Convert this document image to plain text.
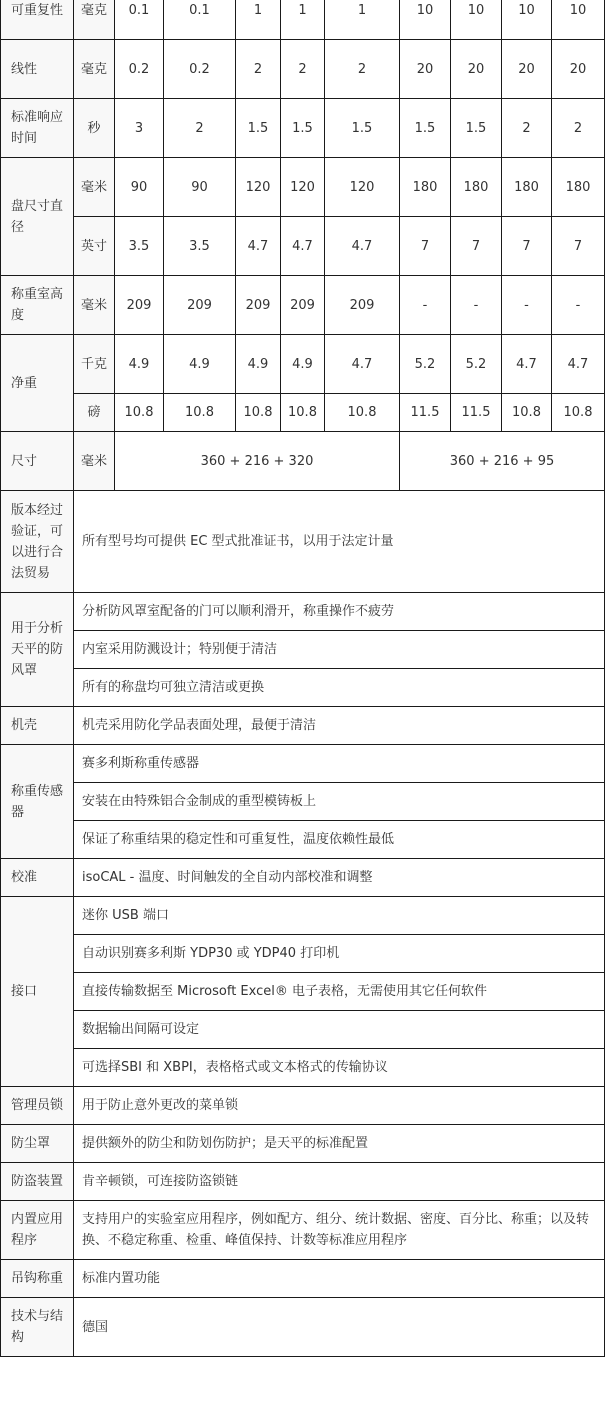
可重复性	毫克	0.1	0.1	1	1	1	10	10	10	10
线性	毫克	0.2	0.2	2	2	2	20	20	20	20
标准响应时间	秒	3	2	1.5	1.5	1.5	1.5	1.5	2	2
盘尺寸直径	毫米	90	90	120	120	120	180	180	180	180
	英寸	3.5	3.5	4.7	4.7	4.7	7	7	7	7
称重室高度	毫米	209	209	209	209	209	-	-	-	-
净重	千克	4.9	4.9	4.9	4.9	4.7	5.2	5.2	4.7	4.7
	磅	10.8	10.8	10.8	10.8	10.8	11.5	11.5	10.8	10.8
尺寸	毫米	360 + 216 + 320					360 + 216 + 95			
版本经过验证，可以进行合法贸易	所有型号均可提供 EC 型式批准证书，以用于法定计量									
用于分析天平的防风罩	分析防风罩室配备的门可以顺利滑开，称重操作不疲劳									
	内室采用防溅设计；特别便于清洁									
	所有的称盘均可独立清洁或更换									
机壳	机壳采用防化学品表面处理，最便于清洁									
称重传感器	赛多利斯称重传感器									
	安装在由特殊铝合金制成的重型模铸板上									
	保证了称重结果的稳定性和可重复性，温度依赖性最低									
校准	isoCAL - 温度、时间触发的全自动内部校准和调整									
接口	迷你 USB 端口									
	自动识别赛多利斯 YDP30 或 YDP40 打印机									
	直接传输数据至 Microsoft Excel® 电子表格，无需使用其它任何软件									
	数据输出间隔可设定									
	可选择SBI 和 XBPI，表格格式或文本格式的传输协议									
管理员锁	用于防止意外更改的菜单锁									
防尘罩	提供额外的防尘和防划伤防护；是天平的标准配置									
防盗装置	肯辛顿锁，可连接防盗锁链									
内置应用程序	支持用户的实验室应用程序，例如配方、组分、统计数据、密度、百分比、称重；以及转换、不稳定称重、检重、峰值保持、计数等标准应用程序									
吊钩称重	标准内置功能									
技术与结构	德国									
